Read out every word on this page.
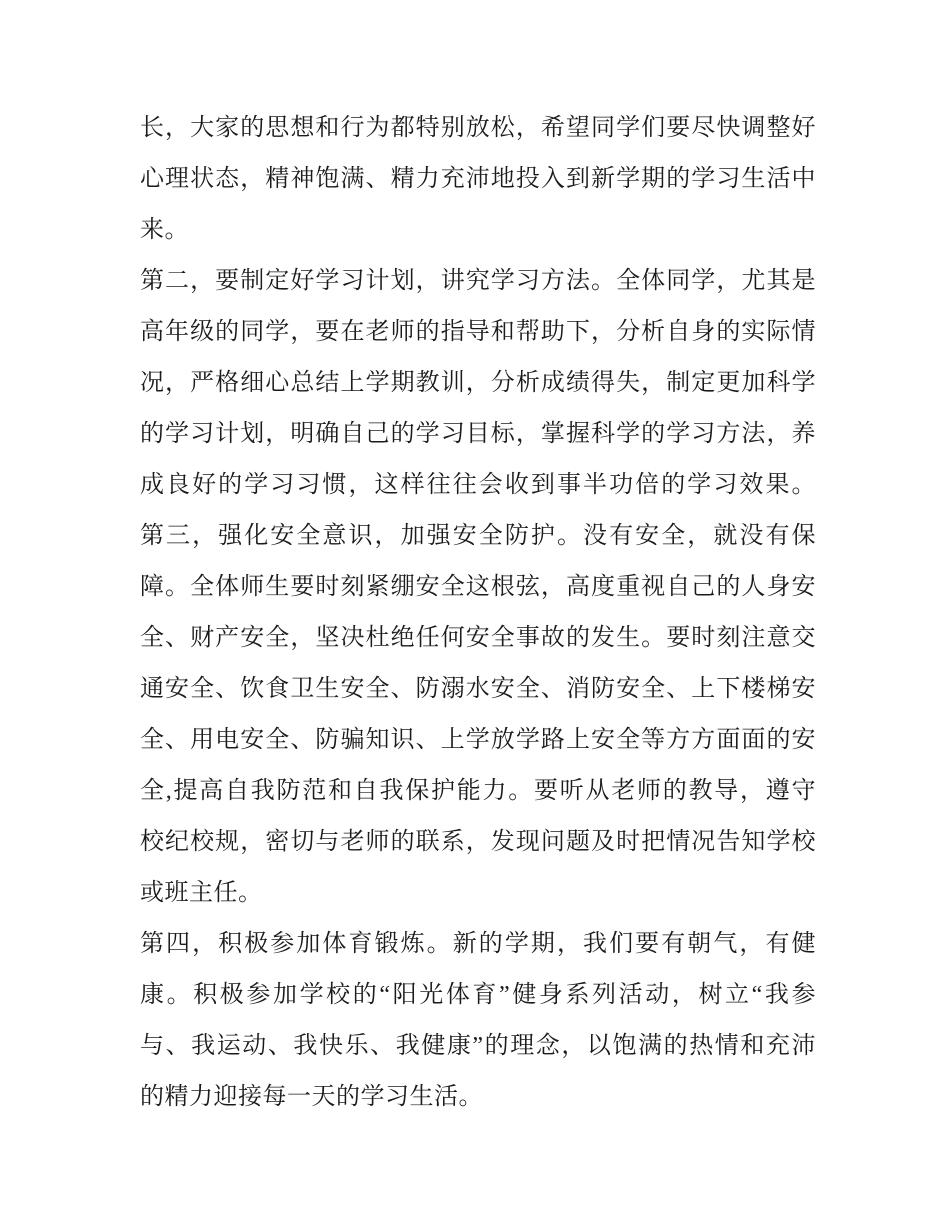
长，大家的思想和行为都特别放松，希望同学们要尽快调整好
心理状态，精神饱满、精力充沛地投入到新学期的学习生活中
来。
第二，要制定好学习计划，讲究学习方法。全体同学，尤其是
高年级的同学，要在老师的指导和帮助下，分析自身的实际情
况，严格细心总结上学期教训，分析成绩得失，制定更加科学
的学习计划，明确自己的学习目标，掌握科学的学习方法，养
成良好的学习习惯，这样往往会收到事半功倍的学习效果。
第三，强化安全意识，加强安全防护。没有安全，就没有保
障。全体师生要时刻紧绷安全这根弦，高度重视自己的人身安
全、财产安全，坚决杜绝任何安全事故的发生。要时刻注意交
通安全、饮食卫生安全、防溺水安全、消防安全、上下楼梯安
全、用电安全、防骗知识、上学放学路上安全等方方面面的安
全,提高自我防范和自我保护能力。要听从老师的教导，遵守
校纪校规，密切与老师的联系，发现问题及时把情况告知学校
或班主任。
第四，积极参加体育锻炼。新的学期，我们要有朝气，有健
康。积极参加学校的“阳光体育”健身系列活动，树立“我参
与、我运动、我快乐、我健康”的理念，以饱满的热情和充沛
的精力迎接每一天的学习生活。
